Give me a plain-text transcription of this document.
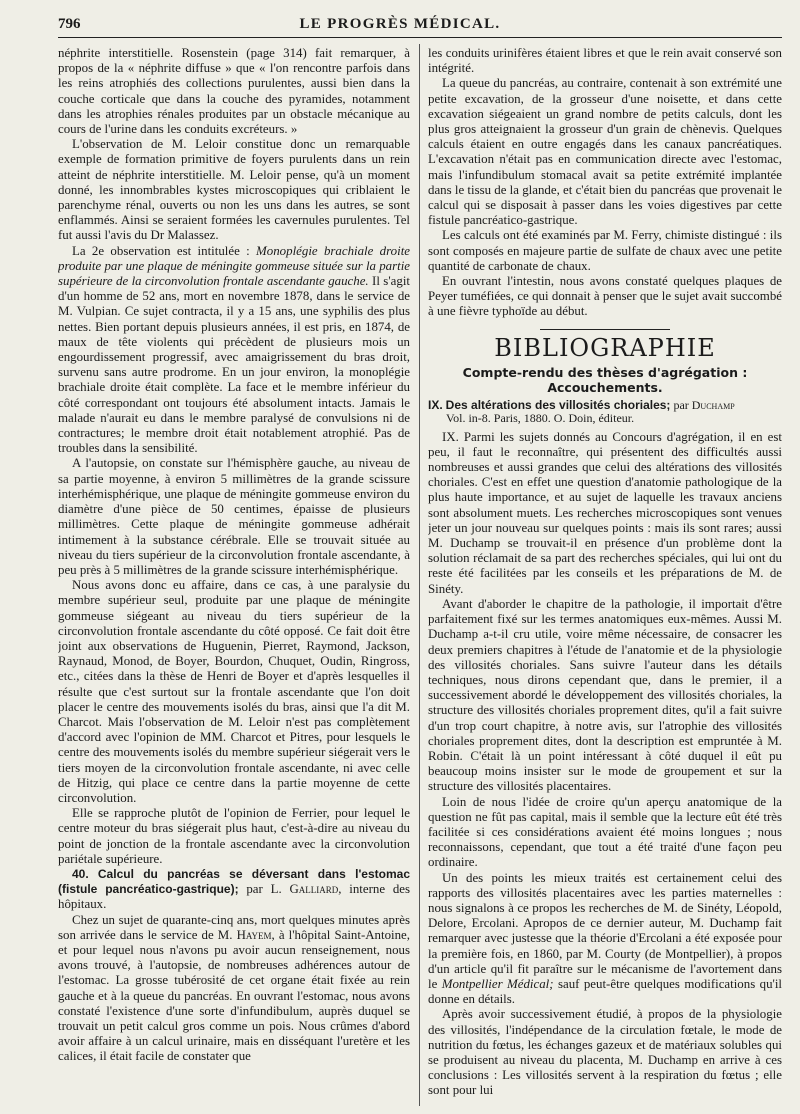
796	LE PROGRÈS MÉDICAL.

néphrite interstitielle. Rosenstein (page 314) fait remarquer, à propos de la « néphrite diffuse » que « l'on rencontre parfois dans les reins atrophiés des collections purulentes, aussi bien dans la couche corticale que dans la couche des pyramides, notamment dans les atrophies rénales produites par un obstacle mécanique au cours de l'urine dans les conduits excréteurs. »

L'observation de M. Leloir constitue donc un remarquable exemple de formation primitive de foyers purulents dans un rein atteint de néphrite interstitielle. M. Leloir pense, qu'à un moment donné, les innombrables kystes microscopiques qui criblaient le parenchyme rénal, ouverts ou non les uns dans les autres, se sont enflammés. Ainsi se seraient formées les cavernules purulentes. Tel fut aussi l'avis du Dr Malassez.

La 2e observation est intitulée : Monoplégie brachiale droite produite par une plaque de méningite gommeuse située sur la partie supérieure de la circonvolution frontale ascendante gauche. Il s'agit d'un homme de 52 ans, mort en novembre 1878, dans le service de M. Vulpian. Ce sujet contracta, il y a 15 ans, une syphilis des plus nettes. Bien portant depuis plusieurs années, il est pris, en 1874, de maux de tête violents qui précèdent de plusieurs mois un engourdissement progressif, avec amaigrissement du bras droit, survenu sans autre prodrome. En un jour environ, la monoplégie brachiale droite était complète. La face et le membre inférieur du côté correspondant ont toujours été absolument intacts. Jamais le malade n'aurait eu dans le membre paralysé de convulsions ni de contractures; le membre droit était notablement atrophié. Pas de troubles dans la sensibilité.

A l'autopsie, on constate sur l'hémisphère gauche, au niveau de sa partie moyenne, à environ 5 millimètres de la grande scissure interhémisphérique, une plaque de méningite gommeuse environ du diamètre d'une pièce de 50 centimes, épaisse de plusieurs millimètres. Cette plaque de méningite gommeuse adhérait intimement à la substance cérébrale. Elle se trouvait située au niveau du tiers supérieur de la circonvolution frontale ascendante, à peu près à 5 millimètres de la grande scissure interhémisphérique.

Nous avons donc eu affaire, dans ce cas, à une paralysie du membre supérieur seul, produite par une plaque de méningite gommeuse siégeant au niveau du tiers supérieur de la circonvolution frontale ascendante du côté opposé. Ce fait doit être joint aux observations de Huguenin, Pierret, Raymond, Jackson, Raynaud, Monod, de Boyer, Bourdon, Chuquet, Oudin, Ringross, etc., citées dans la thèse de Henri de Boyer et d'après lesquelles il résulte que c'est surtout sur la frontale ascendante que l'on doit placer le centre des mouvements isolés du bras, ainsi que l'a dit M. Charcot. Mais l'observation de M. Leloir n'est pas complètement d'accord avec l'opinion de MM. Charcot et Pitres, pour lesquels le centre des mouvements isolés du membre supérieur siégerait vers le tiers moyen de la circonvolution frontale ascendante, ni avec celle de Hitzig, qui place ce centre dans la partie moyenne de cette circonvolution.

Elle se rapproche plutôt de l'opinion de Ferrier, pour lequel le centre moteur du bras siégerait plus haut, c'est-à-dire au niveau du point de jonction de la frontale ascendante avec la circonvolution pariétale supérieure.

40. Calcul du pancréas se déversant dans l'estomac (fistule pancréatico-gastrique); par L. Galliard, interne des hôpitaux.

Chez un sujet de quarante-cinq ans, mort quelques minutes après son arrivée dans le service de M. Hayem, à l'hôpital Saint-Antoine, et pour lequel nous n'avons pu avoir aucun renseignement, nous avons trouvé, à l'autopsie, de nombreuses adhérences autour de l'estomac. La grosse tubérosité de cet organe était fixée au rein gauche et à la queue du pancréas. En ouvrant l'estomac, nous avons constaté l'existence d'une sorte d'infundibulum, auprès duquel se trouvait un petit calcul gros comme un pois. Nous crûmes d'abord avoir affaire à un calcul urinaire, mais en disséquant l'uretère et les calices, il était facile de constater que

les conduits urinifères étaient libres et que le rein avait conservé son intégrité.

La queue du pancréas, au contraire, contenait à son extrémité une petite excavation, de la grosseur d'une noisette, et dans cette excavation siégeaient un grand nombre de petits calculs, dont les plus gros atteignaient la grosseur d'un grain de chènevis. Quelques calculs étaient en outre engagés dans les canaux pancréatiques. L'excavation n'était pas en communication directe avec l'estomac, mais l'infundibulum stomacal avait sa petite extrémité implantée dans le tissu de la glande, et c'était bien du pancréas que provenait le calcul qui se disposait à passer dans les voies digestives par cette fistule pancréatico-gastrique.

Les calculs ont été examinés par M. Ferry, chimiste distingué : ils sont composés en majeure partie de sulfate de chaux avec une petite quantité de carbonate de chaux.

En ouvrant l'intestin, nous avons constaté quelques plaques de Peyer tuméfiées, ce qui donnait à penser que le sujet avait succombé à une fièvre typhoïde au début.

BIBLIOGRAPHIE
Compte-rendu des thèses d'agrégation :
Accouchements.
IX. Des altérations des villosités choriales; par Duchamp
Vol. in-8. Paris, 1880. O. Doin, éditeur.

IX. Parmi les sujets donnés au Concours d'agrégation, il en est peu, il faut le reconnaître, qui présentent des difficultés aussi nombreuses et aussi grandes que celui des altérations des villosités choriales. C'est en effet une question d'anatomie pathologique de la plus haute importance, et au sujet de laquelle les travaux anciens sont absolument muets. Les recherches microscopiques sont venues jeter un jour nouveau sur quelques points : mais ils sont rares; aussi M. Duchamp se trouvait-il en présence d'un problème dont la solution réclamait de sa part des recherches spéciales, qui lui ont du reste été facilitées par les conseils et les préparations de M. de Sinéty.

Avant d'aborder le chapitre de la pathologie, il importait d'être parfaitement fixé sur les termes anatomiques eux-mêmes. Aussi M. Duchamp a-t-il cru utile, voire même nécessaire, de consacrer les deux premiers chapitres à l'étude de l'anatomie et de la physiologie des villosités choriales. Sans suivre l'auteur dans les détails techniques, nous dirons cependant que, dans le premier, il a successivement abordé le développement des villosités choriales, la structure des villosités choriales proprement dites, qu'il a fait suivre d'un trop court chapitre, à notre avis, sur l'atrophie des villosités choriales proprement dites, dont la description est empruntée à M. Robin. C'était là un point intéressant à côté duquel il eût pu beaucoup moins insister sur le mode de groupement et sur la structure des villosités placentaires.

Loin de nous l'idée de croire qu'un aperçu anatomique de la question ne fût pas capital, mais il semble que la lecture eût été très facilitée si ces considérations avaient été moins longues ; nous reconnaissons, cependant, que tout a été traité d'une façon peu ordinaire.

Un des points les mieux traités est certainement celui des rapports des villosités placentaires avec les parties maternelles : nous signalons à ce propos les recherches de M. de Sinéty, Léopold, Delore, Ercolani. Apropos de ce dernier auteur, M. Duchamp fait remarquer avec justesse que la théorie d'Ercolani a été exposée pour la première fois, en 1860, par M. Courty (de Montpellier), à propos d'un article qu'il fit paraître sur le mécanisme de l'avortement dans le Montpellier Médical; sauf peut-être quelques modifications qu'il donne en détails.

Après avoir successivement étudié, à propos de la physiologie des villosités, l'indépendance de la circulation fœtale, le mode de nutrition du fœtus, les échanges gazeux et de matériaux solubles qui se produisent au niveau du placenta, M. Duchamp en arrive à ces conclusions : Les villosités servent à la respiration du fœtus ; elle sont pour lui
